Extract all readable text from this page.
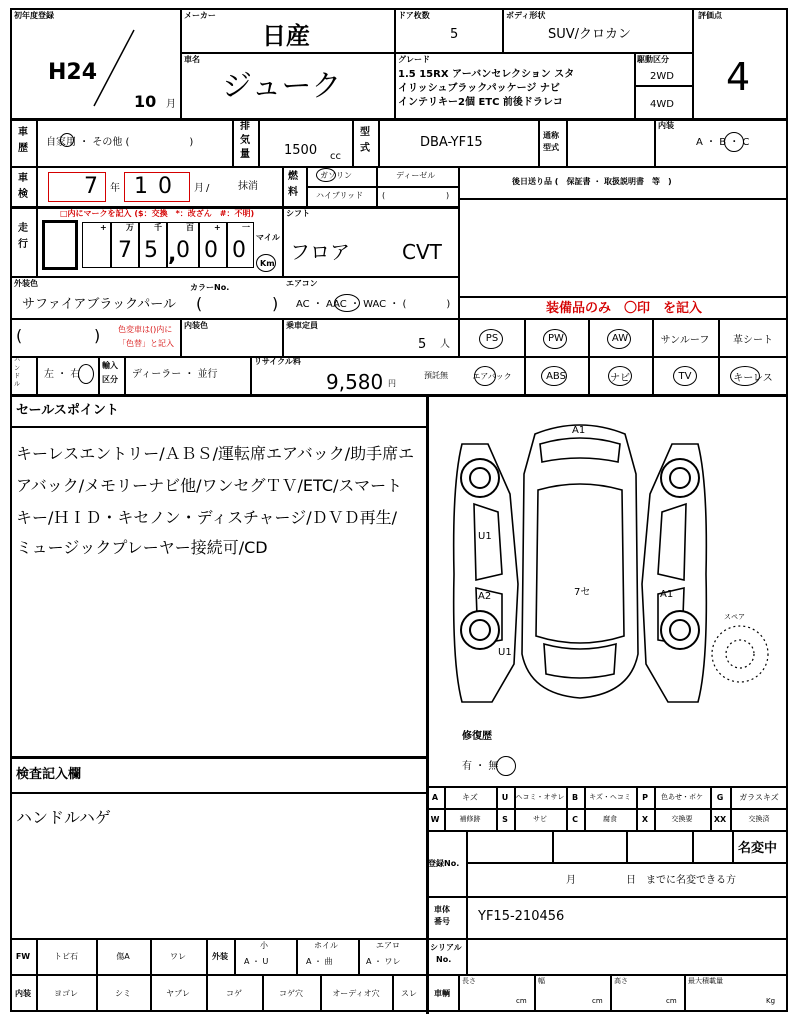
初年度登録
H24
10 月
メーカー
日産
ドア枚数
5
ボディ形状
SUV/クロカン
評価点
4
車名
ジューク
グレード
1.5 15RX アーバンセレクション スタ
イリッシュブラックパッケージ ナビ
インテリキー2個 ETC 前後ドラレコ
駆動区分
2WD
4WD
車
歴
自家用 ・ その他 (　　　　　　)
排
気
量	1500 cc
型
式	DBA-YF15	通称
型式
内装
A ・ B ・ C
車
検	7 年 10 月 /	抹消
燃
料
ガソリン	ディーゼル
ハイブリッド (	)
後日送り品 (　保証書 ・ 取扱説明書　等　)
走
行
□内にマークを記入 ($：交換　*：改ざん　#：不明)
+ 万	千	百	+	一
7 5 , 0 0 0
マイル
Km
シフト
フロア	CVT
外装色	カラーNo.
サファイアブラックパール (	)
エアコン
AC ・ AAC ・ WAC ・ (　　　　)	装備品のみ　〇印　を記入
(	) 色変車は()内に
「色替」と記入
内装色	乗車定員
5 人
PS	PW	AW	サンルーフ 革シート
ハ
ン
ド
ル
左 ・ 右
輸入
区分 ディーラー ・ 並行
リサイクル料
9,580 円
預託無	エアバック	ABS	ナビ	TV	キーレス
セールスポイント
キーレスエントリー/ＡＢＳ/運転席エアバック/助手席エ
アバック/メモリーナビ他/ワンセグＴＶ/ETC/スマート
キー/ＨＩＤ・キセノン・ディスチャージ/ＤＶＤ再生/
ミュージックプレーヤー接続可/CD
A1
U1
A2	7セ	A1
U1
スペア
修復歴
有 ・ 無
検査記入欄
ハンドルハゲ
A	キズ	U ヘコミ・オサレ B キズ・ヘコミ P 色あせ・ボケ G ガラスキズ
W	補修跡	S	サビ	C	腐食	X	交換要	XX	交換済
登録No.
名変中
月　　　　　日　までに名変できる方
車体
番号 YF15-210456
FW	トビ石	傷A	ワレ	外装
小
A ・ U
ホイル
A ・ 曲
エアロ
A ・ ワレ
シリアル
No.
内装	ヨゴレ	シミ	ヤブレ	コゲ	コゲ穴	オーディオ穴	スレ 車輌
長さ
cm
幅
cm
高さ
cm
最大積載量
Kg
